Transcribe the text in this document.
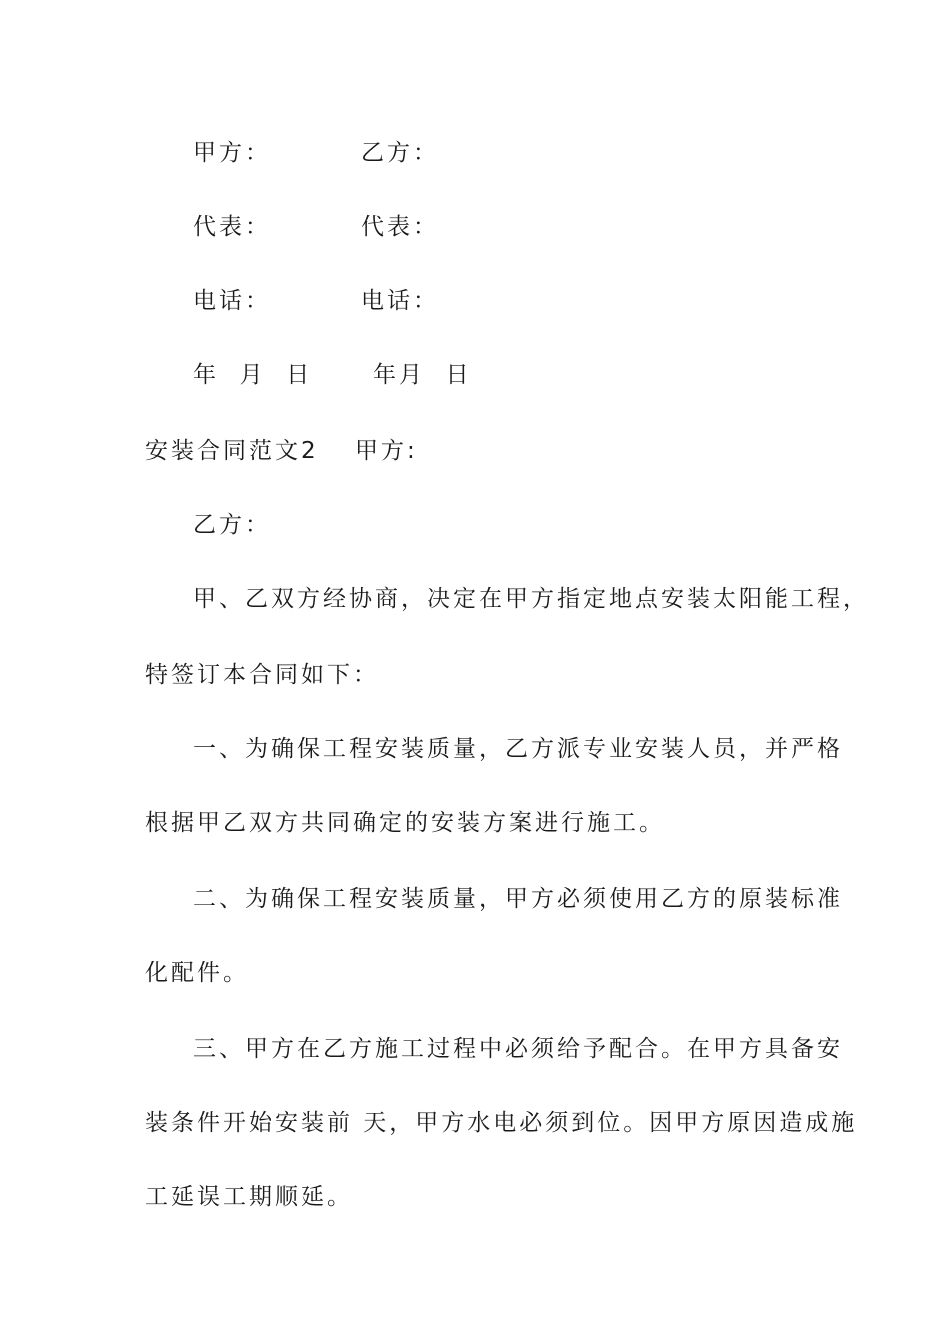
甲方：	乙方：
代表：	代表：
电话：	电话：
年  月  日	年月  日
安装合同范文2 甲方:
乙方：
甲、乙双方经协商，决定在甲方指定地点安装太阳能工程，
特签订本合同如下：
一、为确保工程安装质量，乙方派专业安装人员，并严格
根据甲乙双方共同确定的安装方案进行施工。
二、为确保工程安装质量，甲方必须使用乙方的原装标准
化配件。
三、甲方在乙方施工过程中必须给予配合。在甲方具备安
装条件开始安装前 天，甲方水电必须到位。因甲方原因造成施
工延误工期顺延。
